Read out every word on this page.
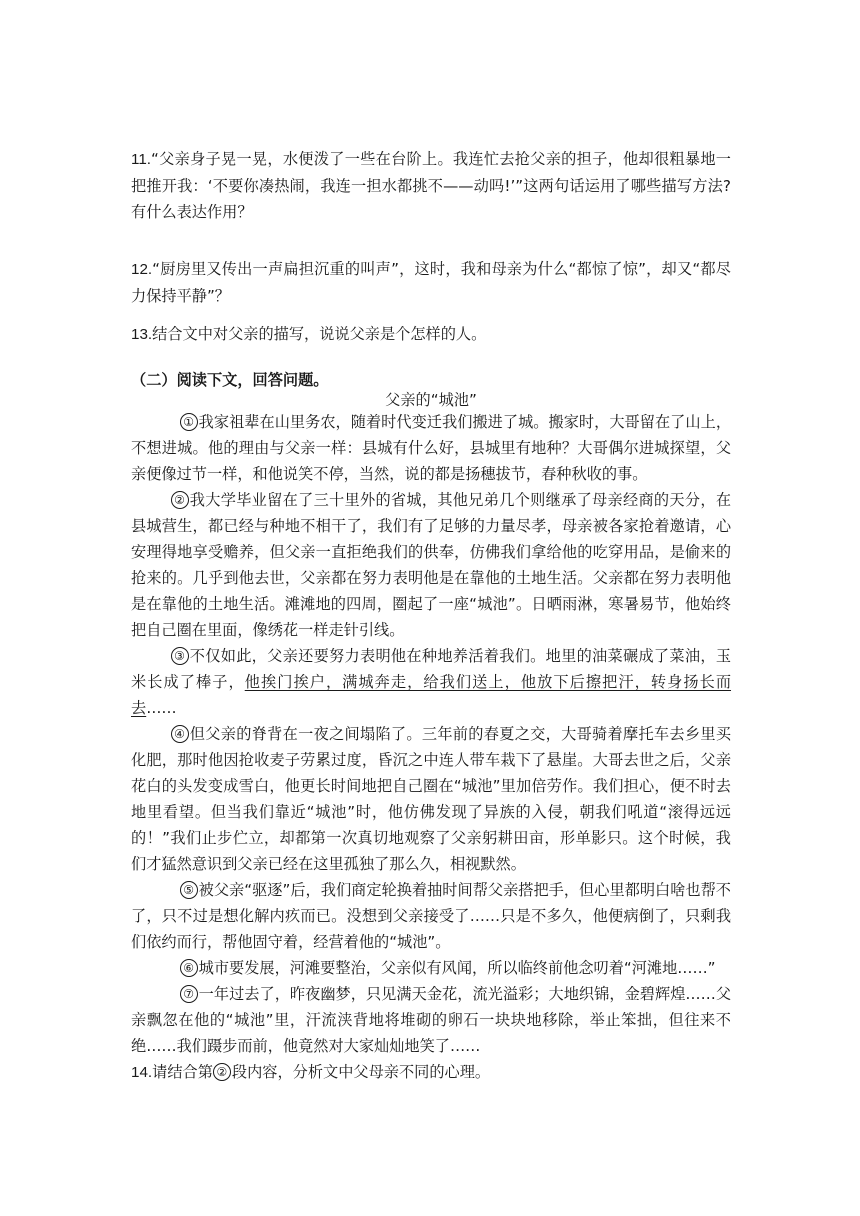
11.“父亲身子晃一晃，水便泼了一些在台阶上。我连忙去抢父亲的担子，他却很粗暴地一把推开我：‘不要你凑热闹，我连一担水都挑不——动吗!’”这两句话运用了哪些描写方法?有什么表达作用？

12.“厨房里又传出一声扁担沉重的叫声”，这时，我和母亲为什么“都惊了惊”，却又“都尽力保持平静”？

13.结合文中对父亲的描写，说说父亲是个怎样的人。

（二）阅读下文，回答问题。

父亲的“城池”

① 我家祖辈在山里务农，随着时代变迁我们搬进了城。搬家时，大哥留在了山上，不想进城。他的理由与父亲一样：县城有什么好，县城里有地种？大哥偶尔进城探望，父亲便像过节一样，和他说笑不停，当然，说的都是扬穗拔节，春种秋收的事。

② 我大学毕业留在了三十里外的省城，其他兄弟几个则继承了母亲经商的天分，在县城营生，都已经与种地不相干了，我们有了足够的力量尽孝，母亲被各家抢着邀请，心安理得地享受赡养，但父亲一直拒绝我们的供奉，仿佛我们拿给他的吃穿用品，是偷来的抢来的。几乎到他去世，父亲都在努力表明他是在靠他的土地生活。父亲都在努力表明他是在靠他的土地生活。滩滩地的四周，圈起了一座“城池”。日晒雨淋，寒暑易节，他始终把自己圈在里面，像绣花一样走针引线。

③ 不仅如此，父亲还要努力表明他在种地养活着我们。地里的油菜碾成了菜油，玉米长成了棒子，他挨门挨户，满城奔走，给我们送上，他放下后擦把汗，转身扬长而去……

④ 但父亲的脊背在一夜之间塌陷了。三年前的春夏之交，大哥骑着摩托车去乡里买化肥，那时他因抢收麦子劳累过度，昏沉之中连人带车栽下了悬崖。大哥去世之后，父亲花白的头发变成雪白，他更长时间地把自己圈在“城池”里加倍劳作。我们担心，便不时去地里看望。但当我们靠近“城池”时，他仿佛发现了异族的入侵，朝我们吼道“滚得远远的！”我们止步伫立，却都第一次真切地观察了父亲躬耕田亩，形单影只。这个时候，我们才猛然意识到父亲已经在这里孤独了那么久，相视默然。

⑤ 被父亲“驱逐”后，我们商定轮换着抽时间帮父亲搭把手，但心里都明白啥也帮不了，只不过是想化解内疚而已。没想到父亲接受了……只是不多久，他便病倒了，只剩我们依约而行，帮他固守着，经营着他的“城池”。

⑥ 城市要发展，河滩要整治，父亲似有风闻，所以临终前他念叨着“河滩地……”

⑦ 一年过去了，昨夜幽梦，只见满天金花，流光溢彩；大地织锦，金碧辉煌……父亲飘忽在他的“城池”里，汗流浃背地将堆砌的卵石一块块地移除，举止笨拙，但往来不绝……我们蹑步而前，他竟然对大家灿灿地笑了……

14.请结合第 ② 段内容，分析文中父母亲不同的心理。
